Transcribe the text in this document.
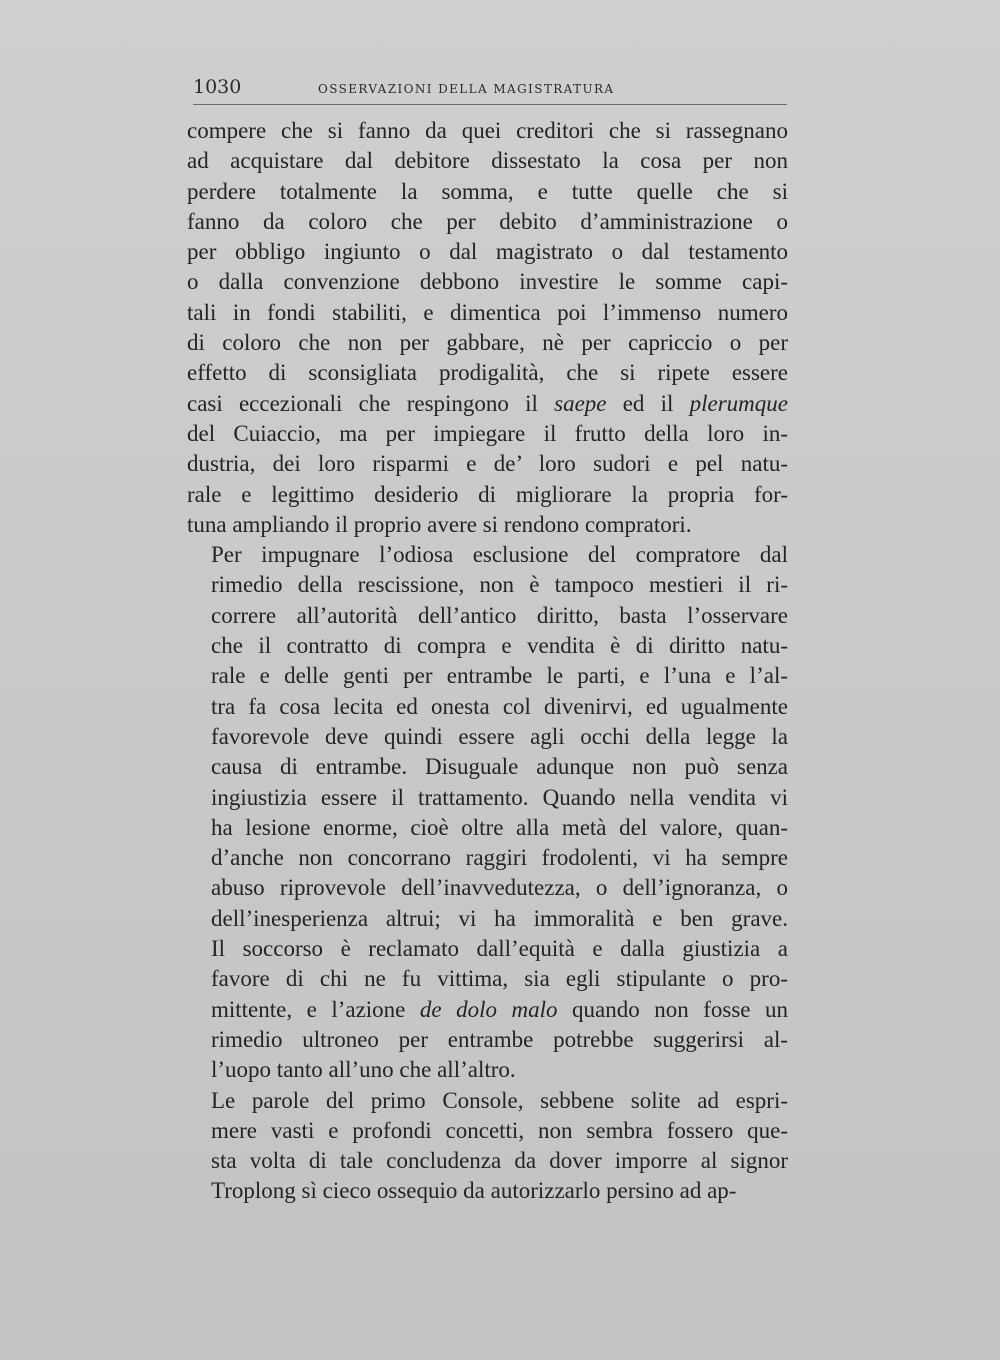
1030	OSSERVAZIONI DELLA MAGISTRATURA
compere che si fanno da quei creditori che si rassegnano
ad acquistare dal debitore dissestato la cosa per non
perdere totalmente la somma, e tutte quelle che si
fanno da coloro che per debito d’amministrazione o
per obbligo ingiunto o dal magistrato o dal testamento
o dalla convenzione debbono investire le somme capi-
tali in fondi stabiliti, e dimentica poi l’immenso numero
di coloro che non per gabbare, nè per capriccio o per
effetto di sconsigliata prodigalità, che si ripete essere
casi eccezionali che respingono il saepe ed il plerumque
del Cuiaccio, ma per impiegare il frutto della loro in-
dustria, dei loro risparmi e de’ loro sudori e pel natu-
rale e legittimo desiderio di migliorare la propria for-
tuna ampliando il proprio avere si rendono compratori.
Per impugnare l’odiosa esclusione del compratore dal
rimedio della rescissione, non è tampoco mestieri il ri-
correre all’autorità dell’antico diritto, basta l’osservare
che il contratto di compra e vendita è di diritto natu-
rale e delle genti per entrambe le parti, e l’una e l’al-
tra fa cosa lecita ed onesta col divenirvi, ed ugualmente
favorevole deve quindi essere agli occhi della legge la
causa di entrambe. Disuguale adunque non può senza
ingiustizia essere il trattamento. Quando nella vendita vi
ha lesione enorme, cioè oltre alla metà del valore, quan-
d’anche non concorrano raggiri frodolenti, vi ha sempre
abuso riprovevole dell’inavvedutezza, o dell’ignoranza, o
dell’inesperienza altrui; vi ha immoralità e ben grave.
Il soccorso è reclamato dall’equità e dalla giustizia a
favore di chi ne fu vittima, sia egli stipulante o pro-
mittente, e l’azione de dolo malo quando non fosse un
rimedio ultroneo per entrambe potrebbe suggerirsi al-
l’uopo tanto all’uno che all’altro.
Le parole del primo Console, sebbene solite ad espri-
mere vasti e profondi concetti, non sembra fossero que-
sta volta di tale concludenza da dover imporre al signor
Troplong sì cieco ossequio da autorizzarlo persino ad ap-
